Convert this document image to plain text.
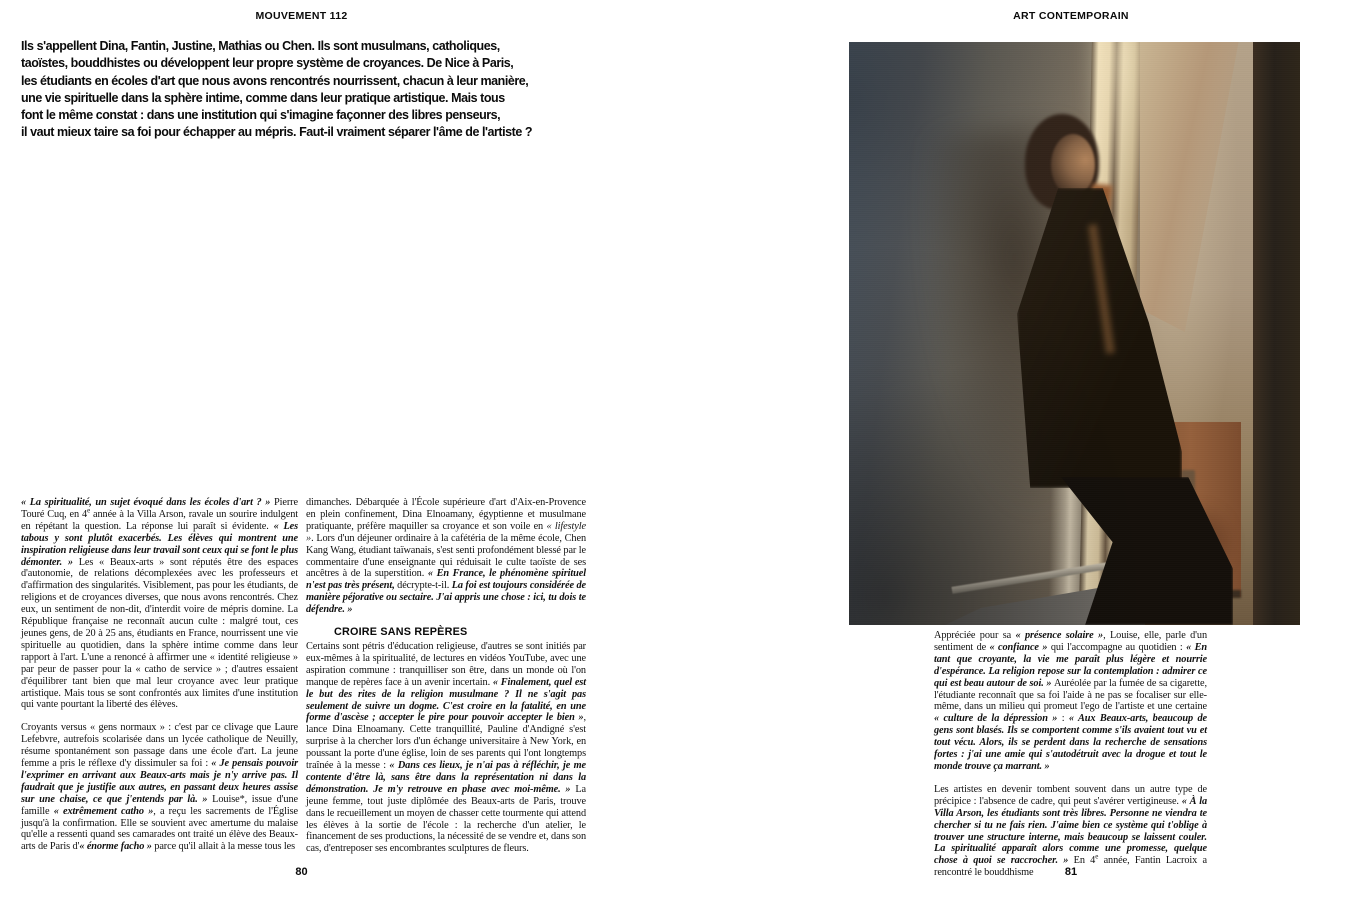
MOUVEMENT 112
Ils s'appellent Dina, Fantin, Justine, Mathias ou Chen. Ils sont musulmans, catholiques,
taoïstes, bouddhistes ou développent leur propre système de croyances. De Nice à Paris,
les étudiants en écoles d'art que nous avons rencontrés nourrissent, chacun à leur manière,
une vie spirituelle dans la sphère intime, comme dans leur pratique artistique. Mais tous
font le même constat : dans une institution qui s'imagine façonner des libres penseurs,
il vaut mieux taire sa foi pour échapper au mépris. Faut-il vraiment séparer l'âme de l'artiste ?

« La spiritualité, un sujet évoqué dans les écoles d'art ? » Pierre Touré Cuq, en 4e année à la Villa Arson, ravale un sourire indulgent en répétant la question. La réponse lui paraît si évidente. « Les tabous y sont plutôt exacerbés. Les élèves qui montrent une inspiration religieuse dans leur travail sont ceux qui se font le plus démonter. » Les « Beaux-arts » sont réputés être des espaces d'autonomie, de relations décomplexées avec les professeurs et d'affirmation des singularités. Visiblement, pas pour les étudiants, de religions et de croyances diverses, que nous avons rencontrés. Chez eux, un sentiment de non-dit, d'interdit voire de mépris domine. La République française ne reconnaît aucun culte : malgré tout, ces jeunes gens, de 20 à 25 ans, étudiants en France, nourrissent une vie spirituelle au quotidien, dans la sphère intime comme dans leur rapport à l'art. L'une a renoncé à affirmer une « identité religieuse » par peur de passer pour la « catho de service » ; d'autres essaient d'équilibrer tant bien que mal leur croyance avec leur pratique artistique. Mais tous se sont confrontés aux limites d'une institution qui vante pourtant la liberté des élèves.

Croyants versus « gens normaux » : c'est par ce clivage que Laure Lefebvre, autrefois scolarisée dans un lycée catholique de Neuilly, résume spontanément son passage dans une école d'art. La jeune femme a pris le réflexe d'y dissimuler sa foi : « Je pensais pouvoir l'exprimer en arrivant aux Beaux-arts mais je n'y arrive pas. Il faudrait que je justifie aux autres, en passant deux heures assise sur une chaise, ce que j'entends par là. » Louise*, issue d'une famille « extrêmement catho », a reçu les sacrements de l'Église jusqu'à la confirmation. Elle se souvient avec amertume du malaise qu'elle a ressenti quand ses camarades ont traité un élève des Beaux-arts de Paris d'« énorme facho » parce qu'il allait à la messe tous les

dimanches. Débarquée à l'École supérieure d'art d'Aix-en-Provence en plein confinement, Dina Elnoamany, égyptienne et musulmane pratiquante, préfère maquiller sa croyance et son voile en « lifestyle ». Lors d'un déjeuner ordinaire à la cafétéria de la même école, Chen Kang Wang, étudiant taïwanais, s'est senti profondément blessé par le commentaire d'une enseignante qui réduisait le culte taoïste de ses ancêtres à de la superstition. « En France, le phénomène spirituel n'est pas très présent, décrypte-t-il. La foi est toujours considérée de manière péjorative ou sectaire. J'ai appris une chose : ici, tu dois te défendre. »

CROIRE SANS REPÈRES

Certains sont pétris d'éducation religieuse, d'autres se sont initiés par eux-mêmes à la spiritualité, de lectures en vidéos YouTube, avec une aspiration commune : tranquilliser son être, dans un monde où l'on manque de repères face à un avenir incertain. « Finalement, quel est le but des rites de la religion musulmane ? Il ne s'agit pas seulement de suivre un dogme. C'est croire en la fatalité, en une forme d'ascèse ; accepter le pire pour pouvoir accepter le bien », lance Dina Elnoamany. Cette tranquillité, Pauline d'Andigné s'est surprise à la chercher lors d'un échange universitaire à New York, en poussant la porte d'une église, loin de ses parents qui l'ont longtemps traînée à la messe : « Dans ces lieux, je n'ai pas à réfléchir, je me contente d'être là, sans être dans la représentation ni dans la démonstration. Je m'y retrouve en phase avec moi-même. » La jeune femme, tout juste diplômée des Beaux-arts de Paris, trouve dans le recueillement un moyen de chasser cette tourmente qui attend les élèves à la sortie de l'école : la recherche d'un atelier, le financement de ses productions, la nécessité de se vendre et, dans son cas, d'entreposer ses encombrantes sculptures de fleurs.

80
ART CONTEMPORAIN

Appréciée pour sa « présence solaire », Louise, elle, parle d'un sentiment de « confiance » qui l'accompagne au quotidien : « En tant que croyante, la vie me paraît plus légère et nourrie d'espérance. La religion repose sur la contemplation : admirer ce qui est beau autour de soi. » Auréolée par la fumée de sa cigarette, l'étudiante reconnaît que sa foi l'aide à ne pas se focaliser sur elle-même, dans un milieu qui promeut l'ego de l'artiste et une certaine « culture de la dépression » : « Aux Beaux-arts, beaucoup de gens sont blasés. Ils se comportent comme s'ils avaient tout vu et tout vécu. Alors, ils se perdent dans la recherche de sensations fortes : j'ai une amie qui s'autodétruit avec la drogue et tout le monde trouve ça marrant. »

Les artistes en devenir tombent souvent dans un autre type de précipice : l'absence de cadre, qui peut s'avérer vertigineuse. « À la Villa Arson, les étudiants sont très libres. Personne ne viendra te chercher si tu ne fais rien. J'aime bien ce système qui t'oblige à trouver une structure interne, mais beaucoup se laissent couler. La spiritualité apparaît alors comme une promesse, quelque chose à quoi se raccrocher. » En 4e année, Fantin Lacroix a rencontré le bouddhisme	81
